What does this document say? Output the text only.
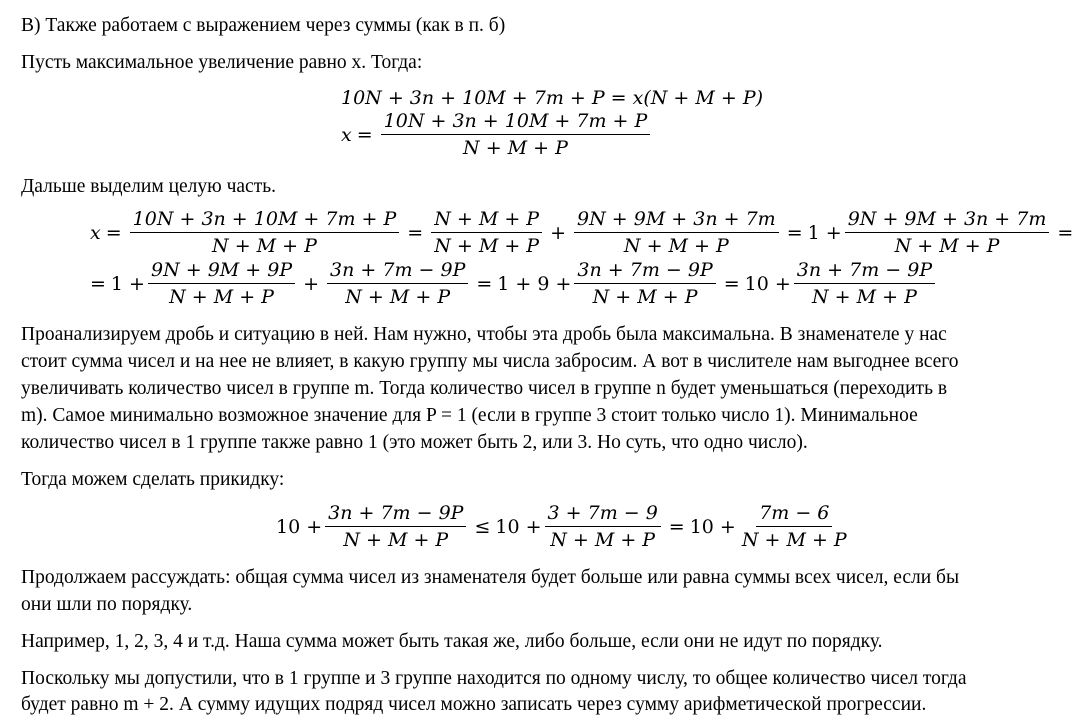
B) Также работаем с выражением через суммы (как в п. б)

Пусть максимальное увеличение равно x. Тогда:

10N + 3n + 10M + 7m + P = x(N + M + P)
$x = \frac{10N + 3n + 10M + 7m + P}{N + M + P}$

Дальше выделим целую часть.

$x = \frac{10N + 3n + 10M + 7m + P}{N + M + P} = \frac{N + M + P}{N + M + P} + \frac{9N + 9M + 3n + 7m}{N + M + P} = 1 + \frac{9N + 9M + 3n + 7m}{N + M + P}$ =
= $1 + \frac{9N + 9M + 9P}{N + M + P} + \frac{3n + 7m - 9P}{N + M + P} = 1 + 9 + \frac{3n + 7m - 9P}{N + M + P} = 10 + \frac{3n + 7m - 9P}{N + M + P}$

Проанализируем дробь и ситуацию в ней. Нам нужно, чтобы эта дробь была максимальна. В знаменателе у нас

стоит сумма чисел и на нее не влияет, в какую группу мы числа забросим. А вот в числителе нам выгоднее всего

увеличивать количество чисел в группе m. Тогда количество чисел в группе n будет уменьшаться (переходить в

m). Самое минимально возможное значение для P = 1 (если в группе 3 стоит только число 1). Минимальное

количество чисел в 1 группе также равно 1 (это может быть 2, или 3. Но суть, что одно число).

Тогда можем сделать прикидку:

$10 + \frac{3n + 7m - 9P}{N + M + P} \le 10 + \frac{3 + 7m - 9}{N + M + P} = 10 + \frac{7m - 6}{N + M + P}$

Продолжаем рассуждать: общая сумма чисел из знаменателя будет больше или равна суммы всех чисел, если бы

они шли по порядку.

Например, 1, 2, 3, 4 и т.д. Наша сумма может быть такая же, либо больше, если они не идут по порядку.

Поскольку мы допустили, что в 1 группе и 3 группе находится по одному числу, то общее количество чисел тогда

будет равно m + 2. А сумму идущих подряд чисел можно записать через сумму арифметической прогрессии.
